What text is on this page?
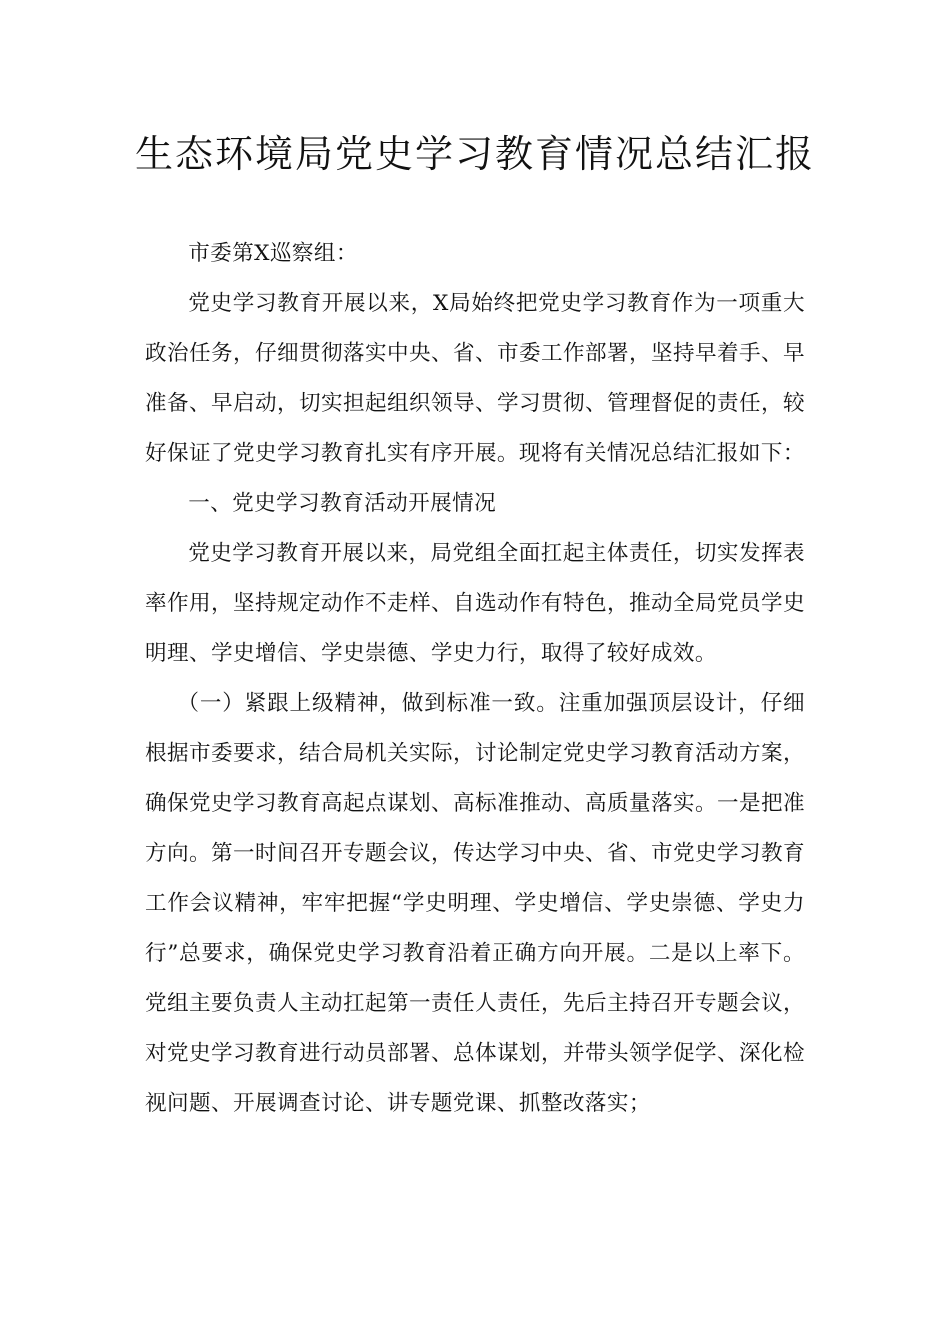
生态环境局党史学习教育情况总结汇报

市委第X巡察组：

党史学习教育开展以来，X局始终把党史学习教育作为一项重大政治任务，仔细贯彻落实中央、省、市委工作部署，坚持早着手、早准备、早启动，切实担起组织领导、学习贯彻、管理督促的责任，较好保证了党史学习教育扎实有序开展。现将有关情况总结汇报如下：

一、党史学习教育活动开展情况

党史学习教育开展以来，局党组全面扛起主体责任，切实发挥表率作用，坚持规定动作不走样、自选动作有特色，推动全局党员学史明理、学史增信、学史崇德、学史力行，取得了较好成效。

（一）紧跟上级精神，做到标准一致。注重加强顶层设计，仔细根据市委要求，结合局机关实际，讨论制定党史学习教育活动方案，确保党史学习教育高起点谋划、高标准推动、高质量落实。一是把准方向。第一时间召开专题会议，传达学习中央、省、市党史学习教育工作会议精神，牢牢把握“学史明理、学史增信、学史崇德、学史力行”总要求，确保党史学习教育沿着正确方向开展。二是以上率下。党组主要负责人主动扛起第一责任人责任，先后主持召开专题会议，对党史学习教育进行动员部署、总体谋划，并带头领学促学、深化检视问题、开展调查讨论、讲专题党课、抓整改落实；
